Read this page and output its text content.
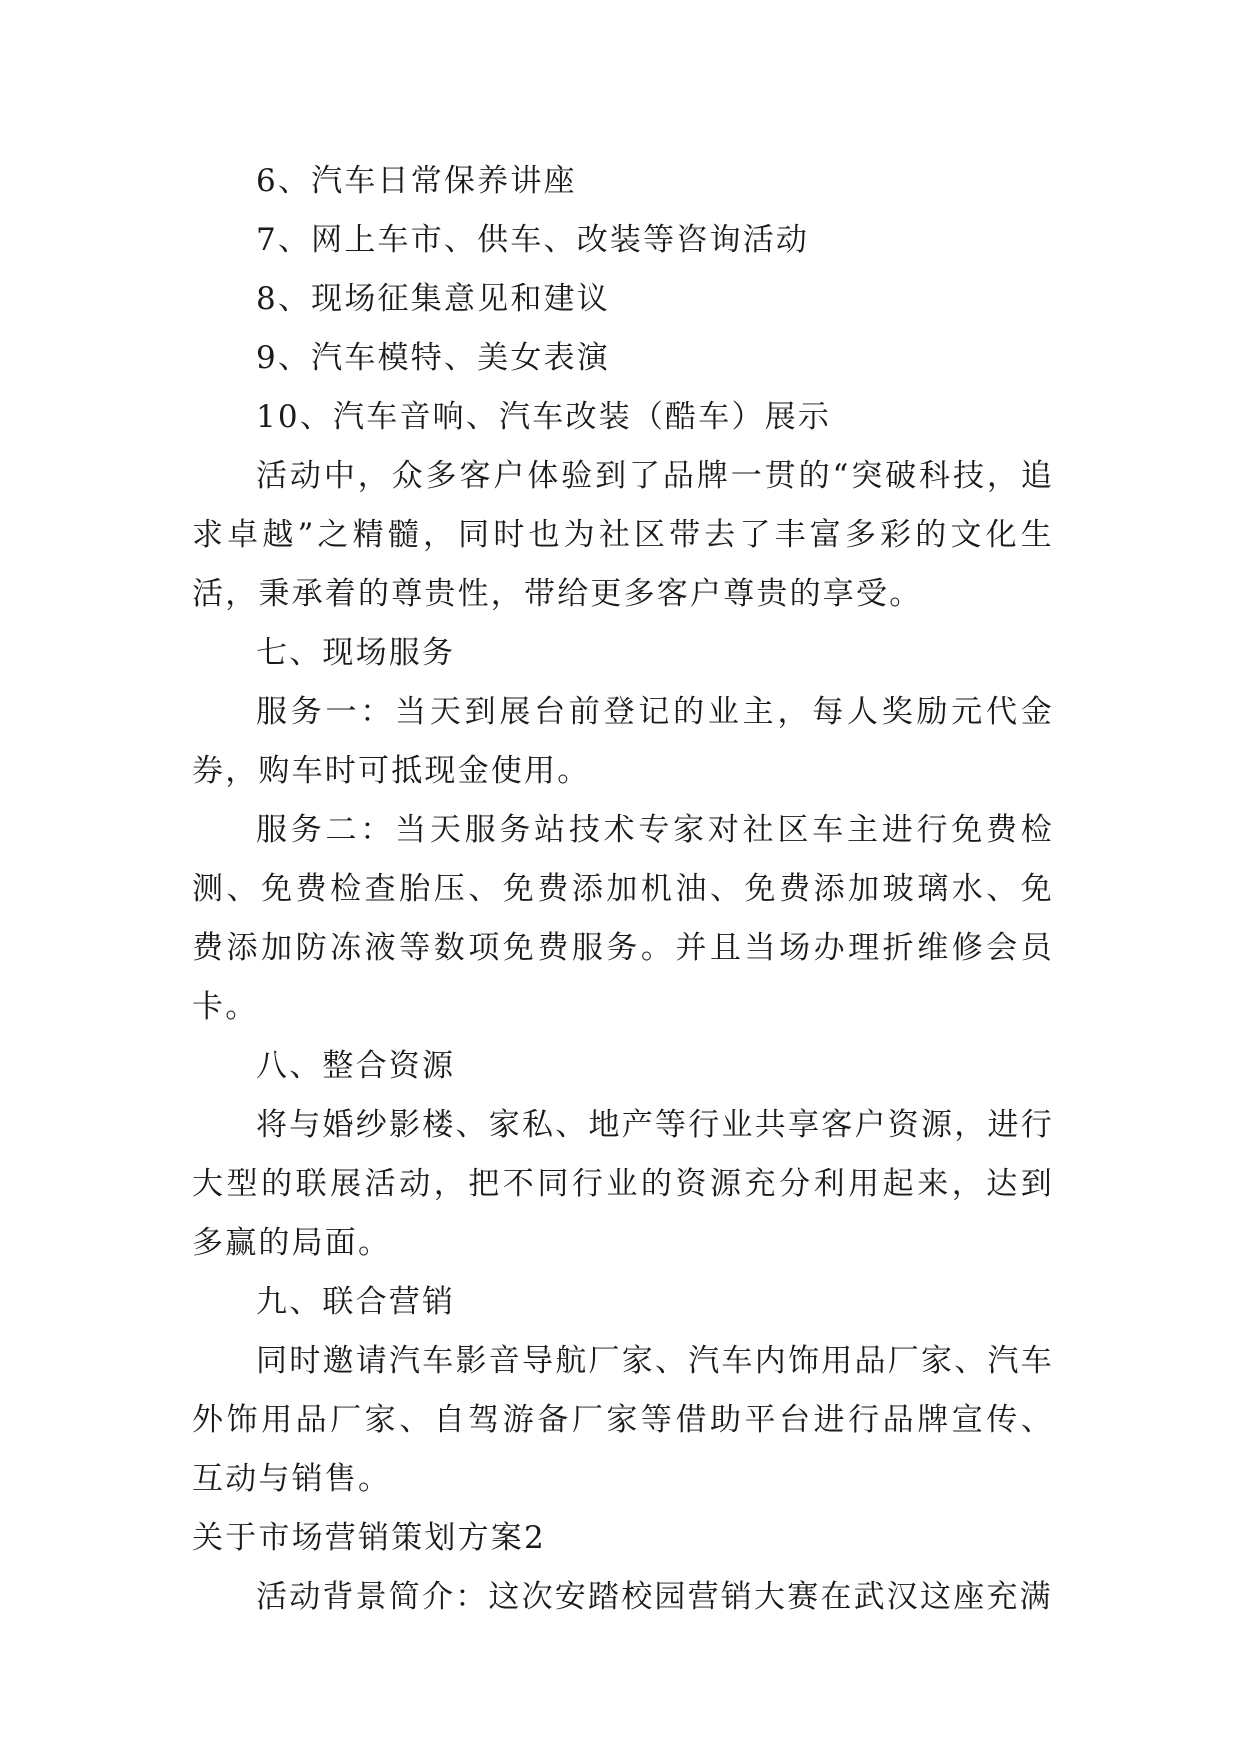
6、汽车日常保养讲座

7、网上车市、供车、改装等咨询活动

8、现场征集意见和建议

9、汽车模特、美女表演

10、汽车音响、汽车改装（酷车）展示

活动中，众多客户体验到了品牌一贯的“突破科技，追求卓越”之精髓，同时也为社区带去了丰富多彩的文化生活，秉承着的尊贵性，带给更多客户尊贵的享受。

七、现场服务

服务一：当天到展台前登记的业主，每人奖励元代金券，购车时可抵现金使用。

服务二：当天服务站技术专家对社区车主进行免费检测、免费检查胎压、免费添加机油、免费添加玻璃水、免费添加防冻液等数项免费服务。并且当场办理折维修会员卡。

八、整合资源

将与婚纱影楼、家私、地产等行业共享客户资源，进行大型的联展活动，把不同行业的资源充分利用起来，达到多赢的局面。

九、联合营销

同时邀请汽车影音导航厂家、汽车内饰用品厂家、汽车外饰用品厂家、自驾游备厂家等借助平台进行品牌宣传、互动与销售。

关于市场营销策划方案2

活动背景简介：这次安踏校园营销大赛在武汉这座充满
